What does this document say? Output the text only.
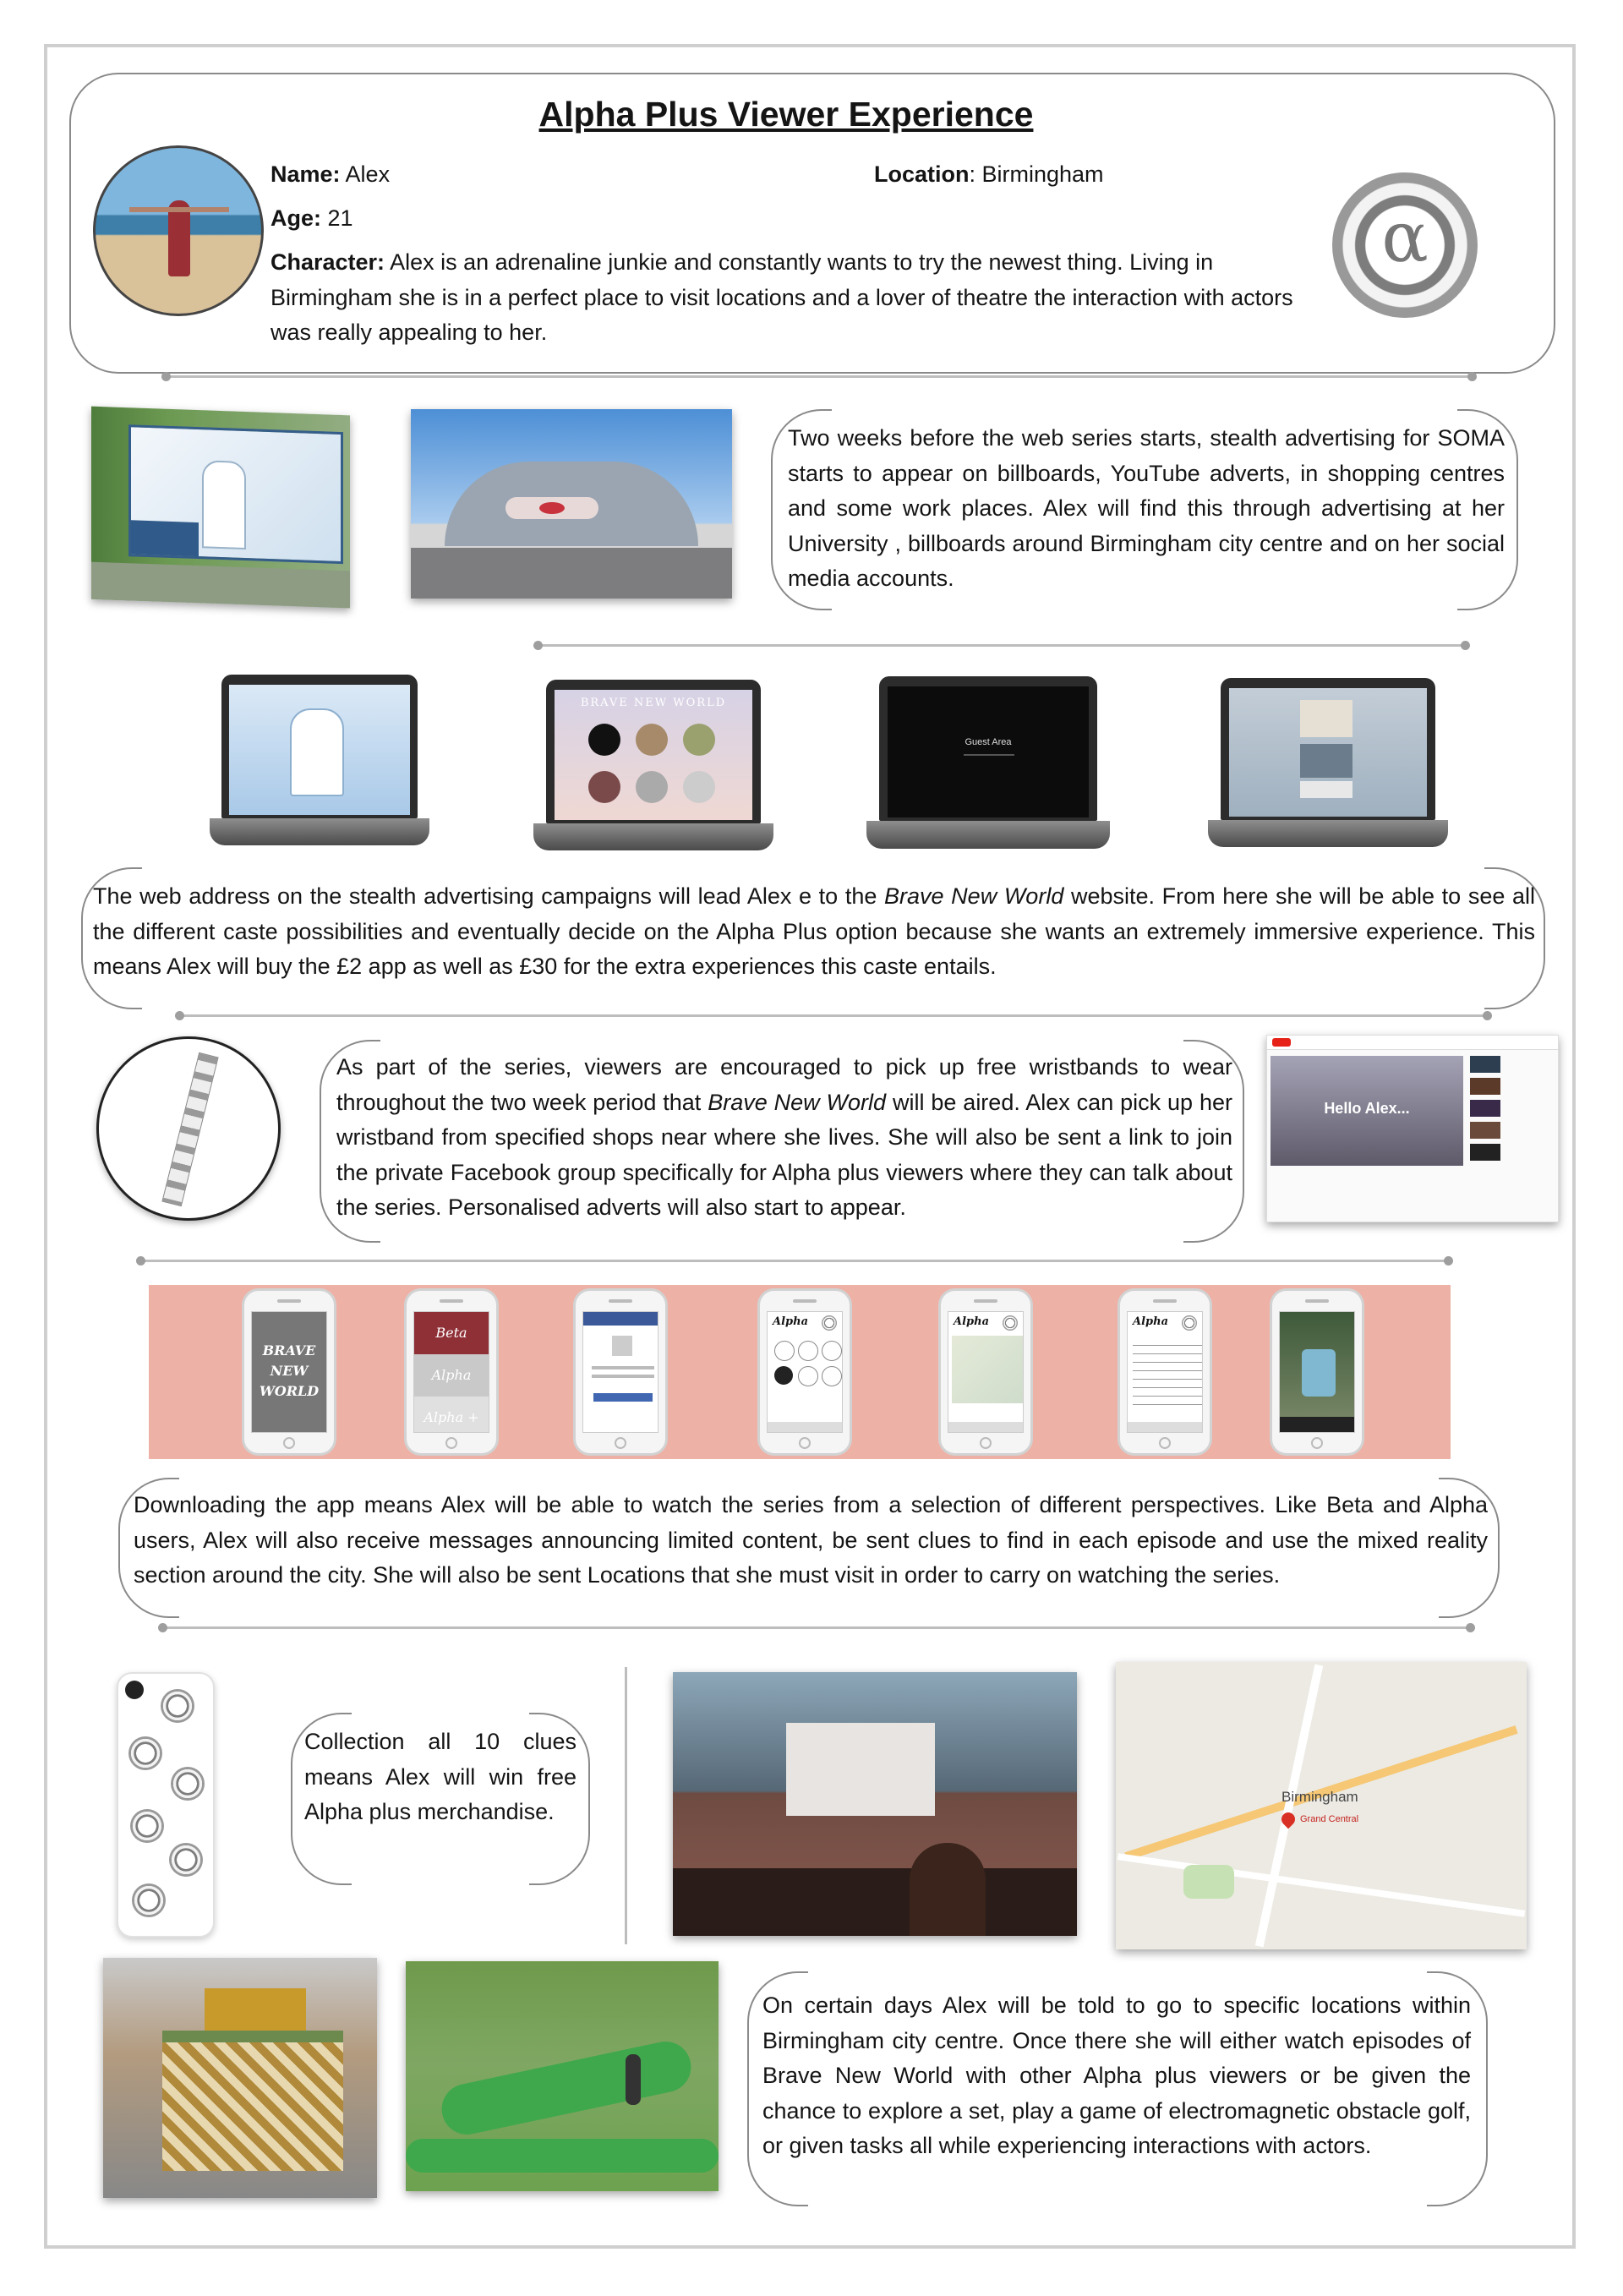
Alpha Plus Viewer Experience
Name: Alex	Location: Birmingham
Age: 21
Character: Alex is an adrenaline junkie and constantly wants to try the newest thing. Living in Birmingham she is in a perfect place to visit locations and a lover of theatre the interaction with actors was really appealing to her.
α
Two weeks before the web series starts, stealth advertising for SOMA starts to appear on billboards, YouTube adverts, in shopping centres and some work places. Alex will find this through advertising at her University , billboards around Birmingham city centre and on her social media accounts.
BRAVE NEW WORLD
Guest Area
The web address on the stealth advertising campaigns will lead Alex e to the Brave New World website. From here she will be able to see all the different caste possibilities and eventually decide on the Alpha Plus option because she wants an extremely immersive experience. This means Alex will buy the £2 app as well as £30 for the extra experiences this caste entails.
As part of the series, viewers are encouraged to pick up free wristbands to wear throughout the two week period that Brave New World will be aired. Alex can pick up her wristband from specified shops near where she lives. She will also be sent a link to join the private Facebook group specifically for Alpha plus viewers where they can talk about the series. Personalised adverts will also start to appear.
Hello Alex...
BRAVE
NEW
WORLD
Beta
Alpha
Alpha +
Alpha	Alpha	Alpha
Downloading the app means Alex will be able to watch the series from a selection of different perspectives. Like Beta and Alpha users, Alex will also receive messages announcing limited content, be sent clues to find in each episode and use the mixed reality section around the city. She will also be sent Locations that she must visit in order to carry on watching the series.
Collection all 10 clues means Alex will win free Alpha plus merchandise.
Birmingham
Grand Central
On certain days Alex will be told to go to specific locations within Birmingham city centre. Once there she will either watch episodes of Brave New World with other Alpha plus viewers or be given the chance to explore a set, play a game of electromagnetic obstacle golf, or given tasks all while experiencing interactions with actors.
